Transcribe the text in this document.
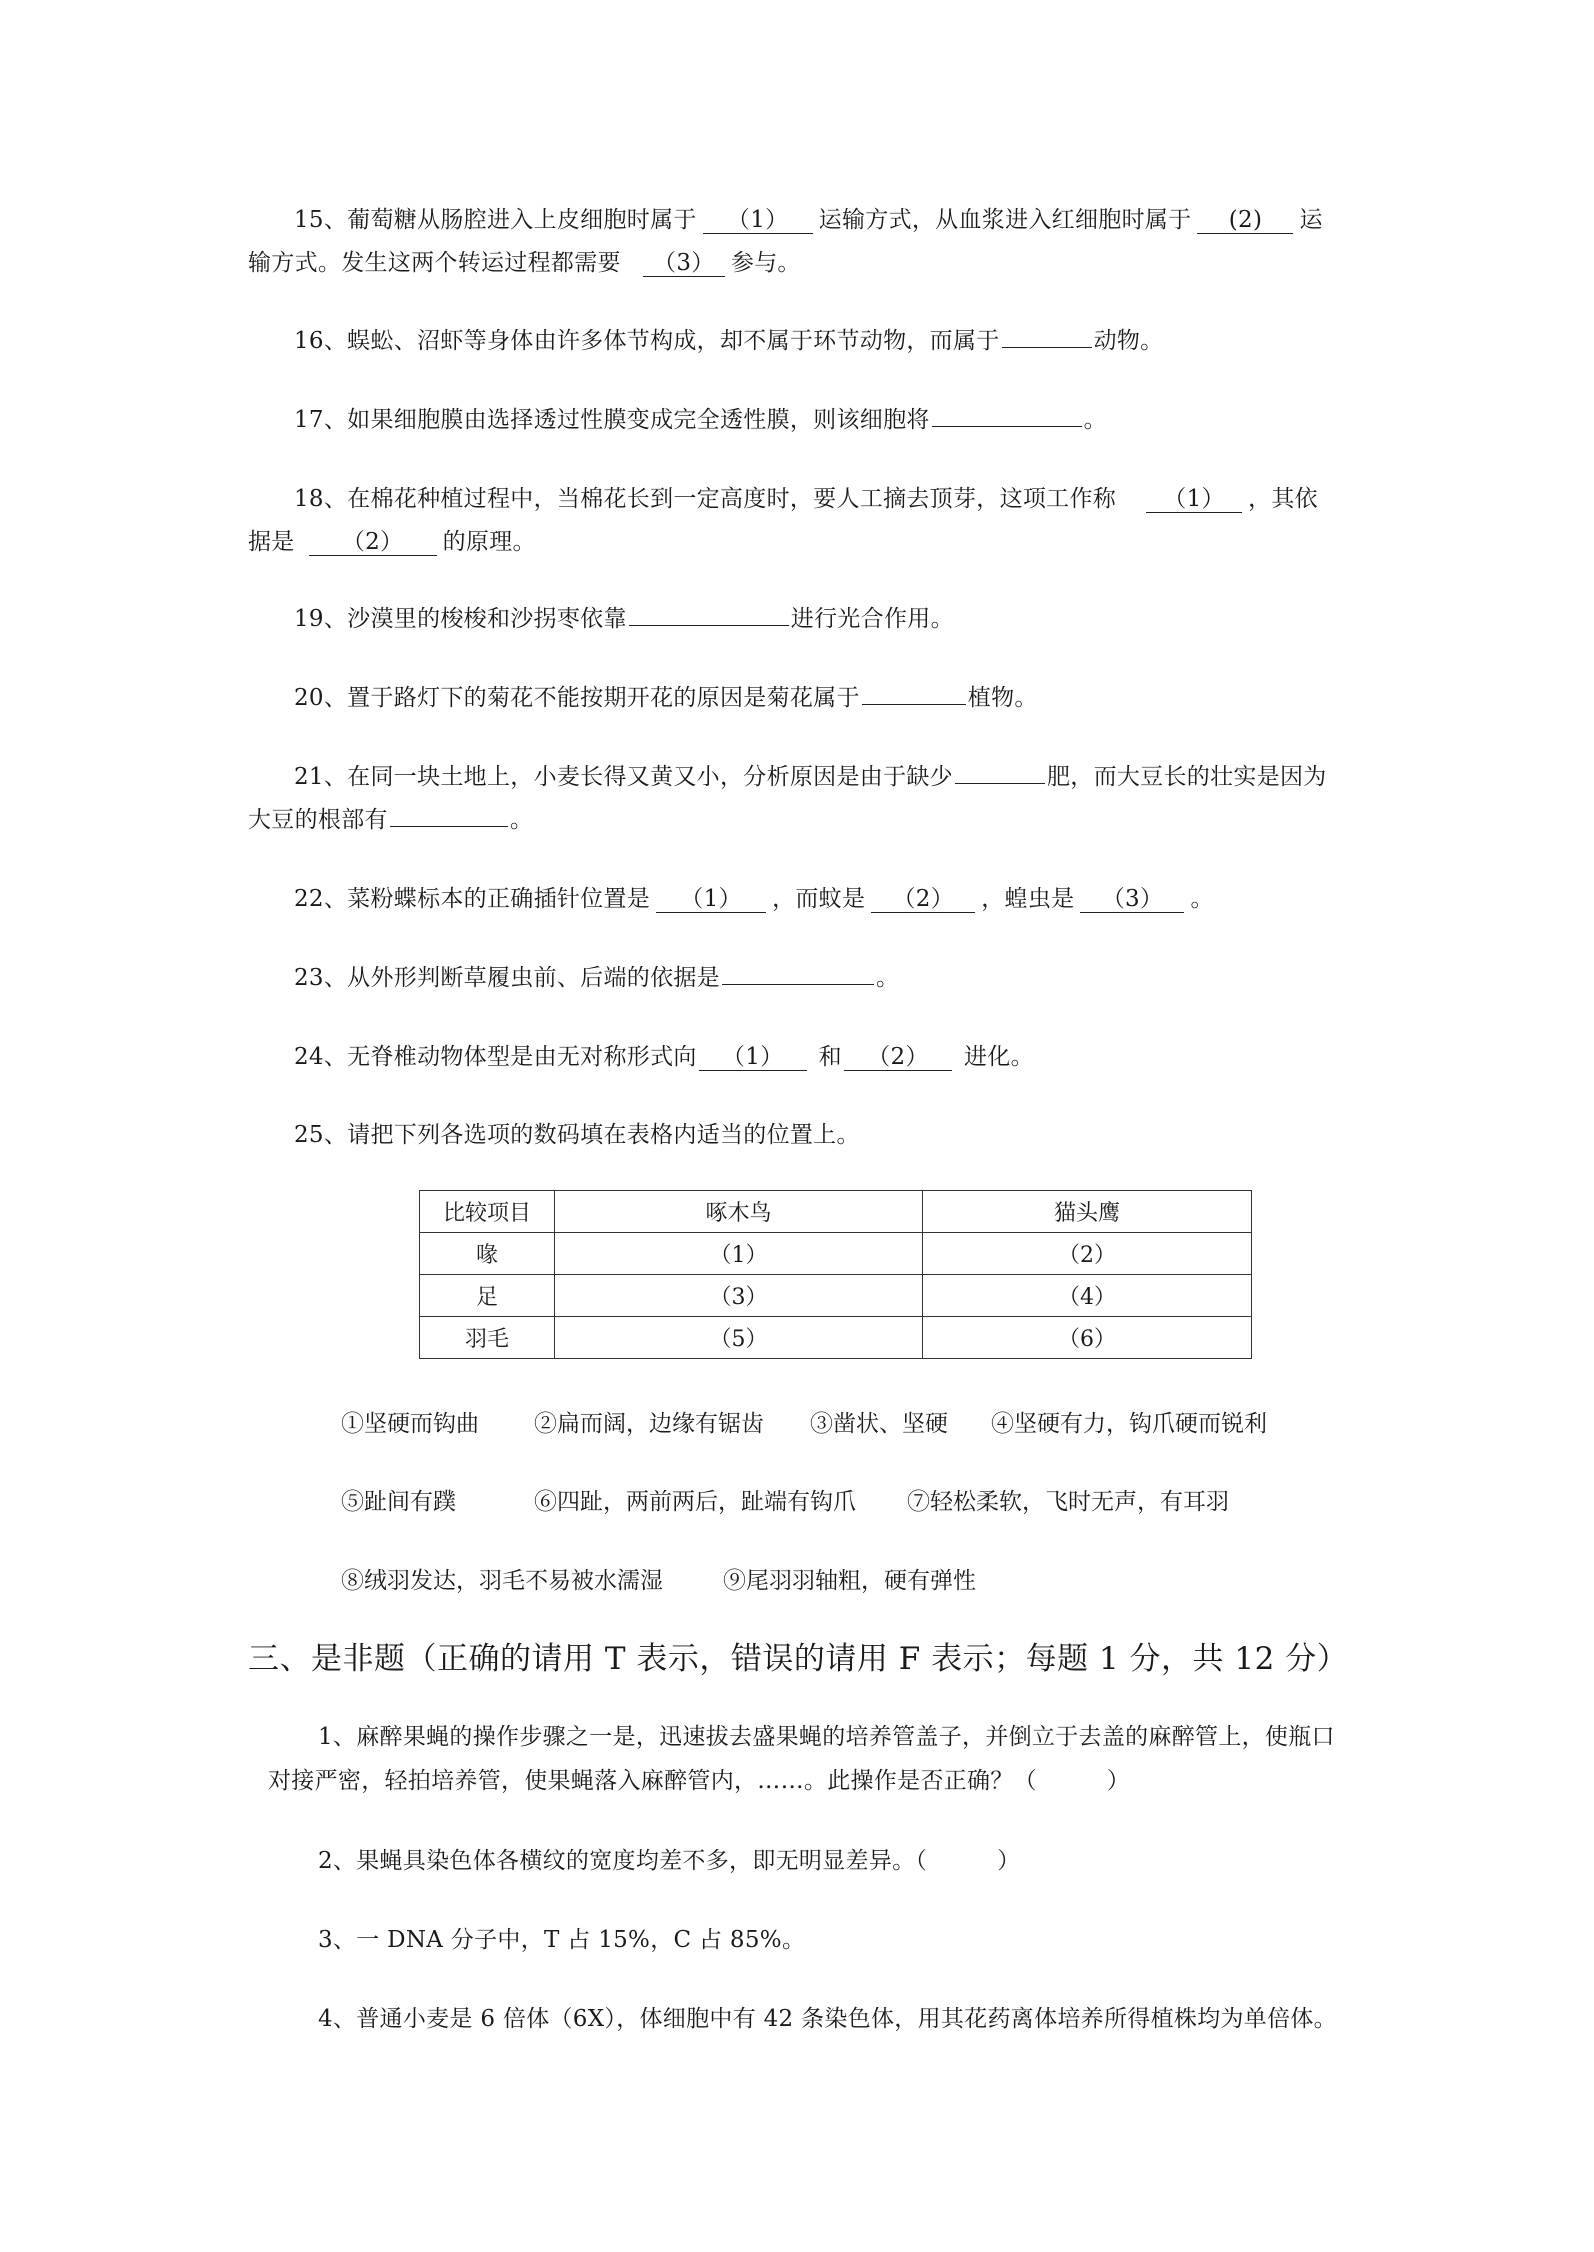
15、葡萄糖从肠腔进入上皮细胞时属于 （1） 运输方式，从血浆进入红细胞时属于 (2) 运
输方式。发生这两个转运过程都需要 （3） 参与。
16、蜈蚣、沼虾等身体由许多体节构成，却不属于环节动物，而属于	动物。
17、如果细胞膜由选择透过性膜变成完全透性膜，则该细胞将	。
18、在棉花种植过程中，当棉花长到一定高度时，要人工摘去顶芽，这项工作称 （1） ，其依
据是 （2） 的原理。
19、沙漠里的梭梭和沙拐枣依靠	进行光合作用。
20、置于路灯下的菊花不能按期开花的原因是菊花属于	植物。
21、在同一块土地上，小麦长得又黄又小，分析原因是由于缺少	肥，而大豆长的壮实是因为
大豆的根部有	。
22、菜粉蝶标本的正确插针位置是 （1） ，而蚊是 （2） ，蝗虫是 （3） 。
23、从外形判断草履虫前、后端的依据是	。
24、无脊椎动物体型是由无对称形式向 （1） 和 （2） 进化。
25、请把下列各选项的数码填在表格内适当的位置上。
比较项目	啄木鸟	猫头鹰
喙	（1）	（2）
足	（3）	（4）
羽毛	（5）	（6）
①坚硬而钩曲 ②扁而阔，边缘有锯齿 ③凿状、坚硬 ④坚硬有力，钩爪硬而锐利
⑤趾间有蹼	⑥四趾，两前两后，趾端有钩爪 ⑦轻松柔软，飞时无声，有耳羽
⑧绒羽发达，羽毛不易被水濡湿	⑨尾羽羽轴粗，硬有弹性
三、是非题（正确的请用 T 表示，错误的请用 F 表示；每题 1 分，共 12 分）
1、麻醉果蝇的操作步骤之一是，迅速拔去盛果蝇的培养管盖子，并倒立于去盖的麻醉管上，使瓶口
对接严密，轻拍培养管，使果蝇落入麻醉管内，……。此操作是否正确？（　　　）
2、果蝇具染色体各横纹的宽度均差不多，即无明显差异。（　　　）
3、一 DNA 分子中，T 占 15%，C 占 85%。
4、普通小麦是 6 倍体（6X），体细胞中有 42 条染色体，用其花药离体培养所得植株均为单倍体。
